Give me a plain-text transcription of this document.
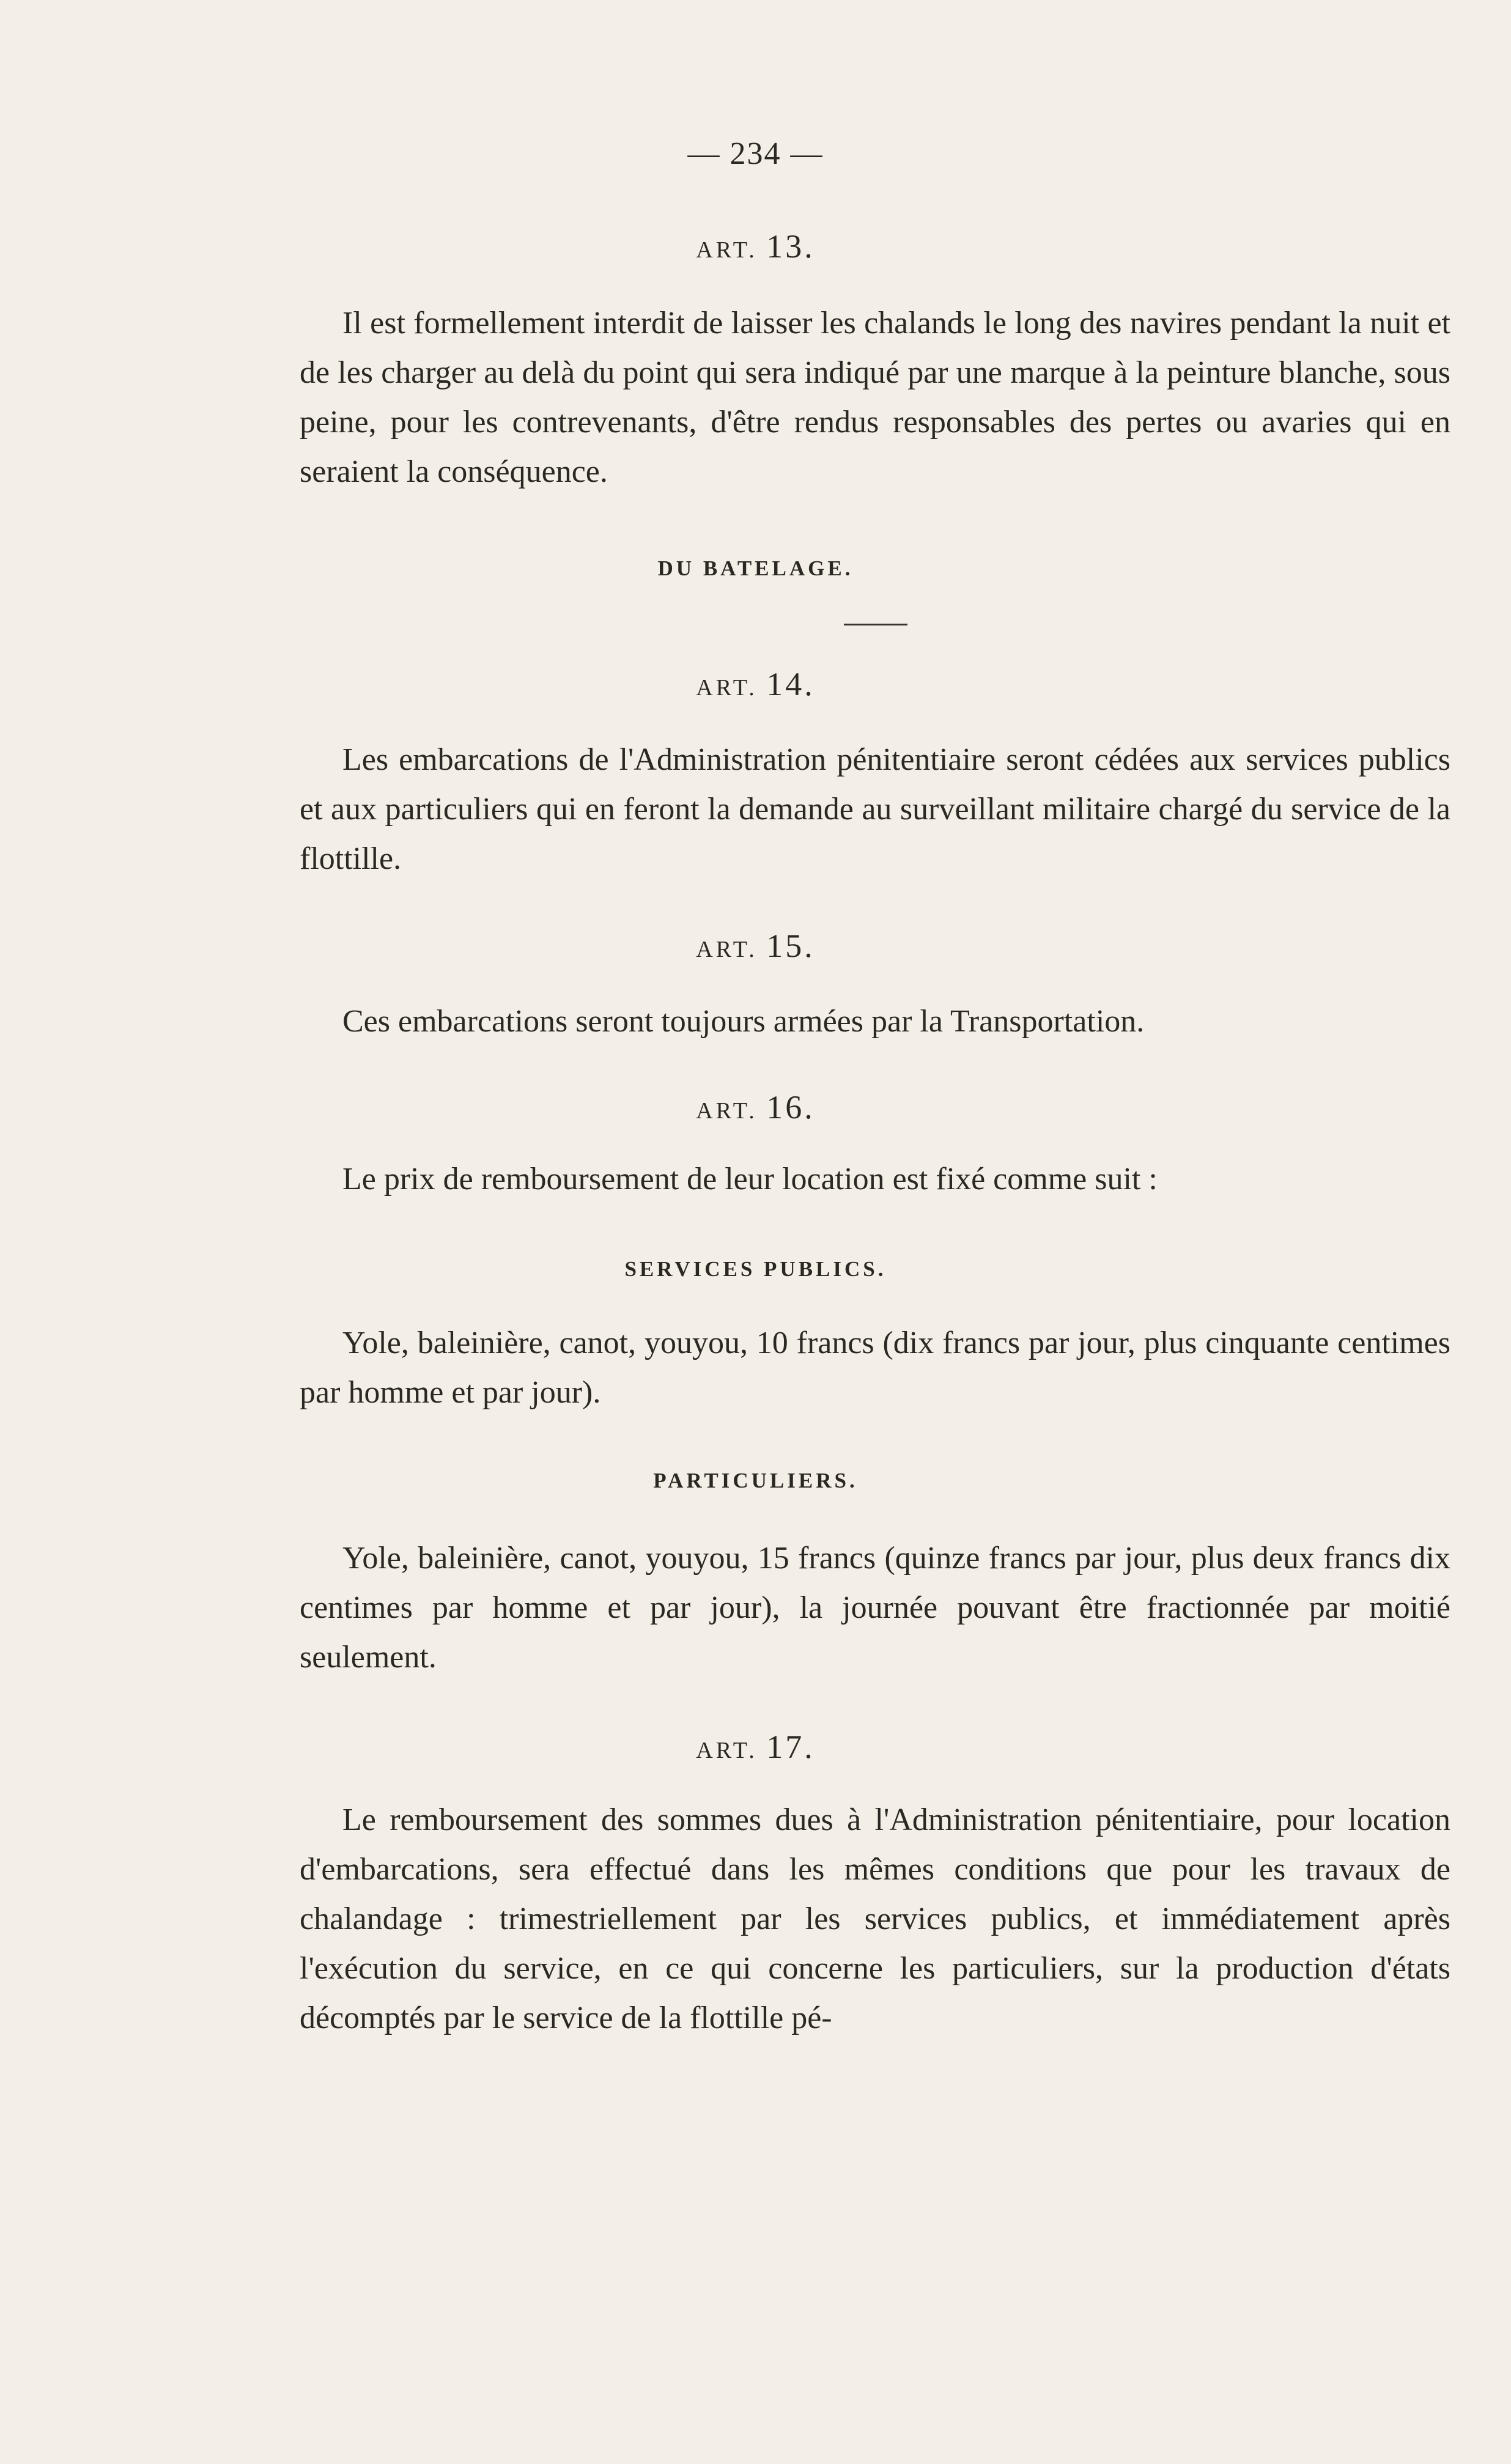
— 234 —
ART. 13.
Il est formellement interdit de laisser les chalands le long des navires pendant la nuit et de les charger au delà du point qui sera indiqué par une marque à la peinture blanche, sous peine, pour les contrevenants, d'être rendus responsables des pertes ou avaries qui en seraient la conséquence.
DU BATELAGE.
ART. 14.
Les embarcations de l'Administration pénitentiaire seront cédées aux services publics et aux particuliers qui en feront la demande au surveillant militaire chargé du service de la flottille.
ART. 15.
Ces embarcations seront toujours armées par la Transportation.
ART. 16.
Le prix de remboursement de leur location est fixé comme suit :
SERVICES PUBLICS.
Yole, baleinière, canot, youyou, 10 francs (dix francs par jour, plus cinquante centimes par homme et par jour).
PARTICULIERS.
Yole, baleinière, canot, youyou, 15 francs (quinze francs par jour, plus deux francs dix centimes par homme et par jour), la journée pouvant être fractionnée par moitié seulement.
ART. 17.
Le remboursement des sommes dues à l'Administration pénitentiaire, pour location d'embarcations, sera effectué dans les mêmes conditions que pour les travaux de chalandage : trimestriellement par les services publics, et immédiatement après l'exécution du service, en ce qui concerne les particuliers, sur la production d'états décomptés par le service de la flottille pé-
